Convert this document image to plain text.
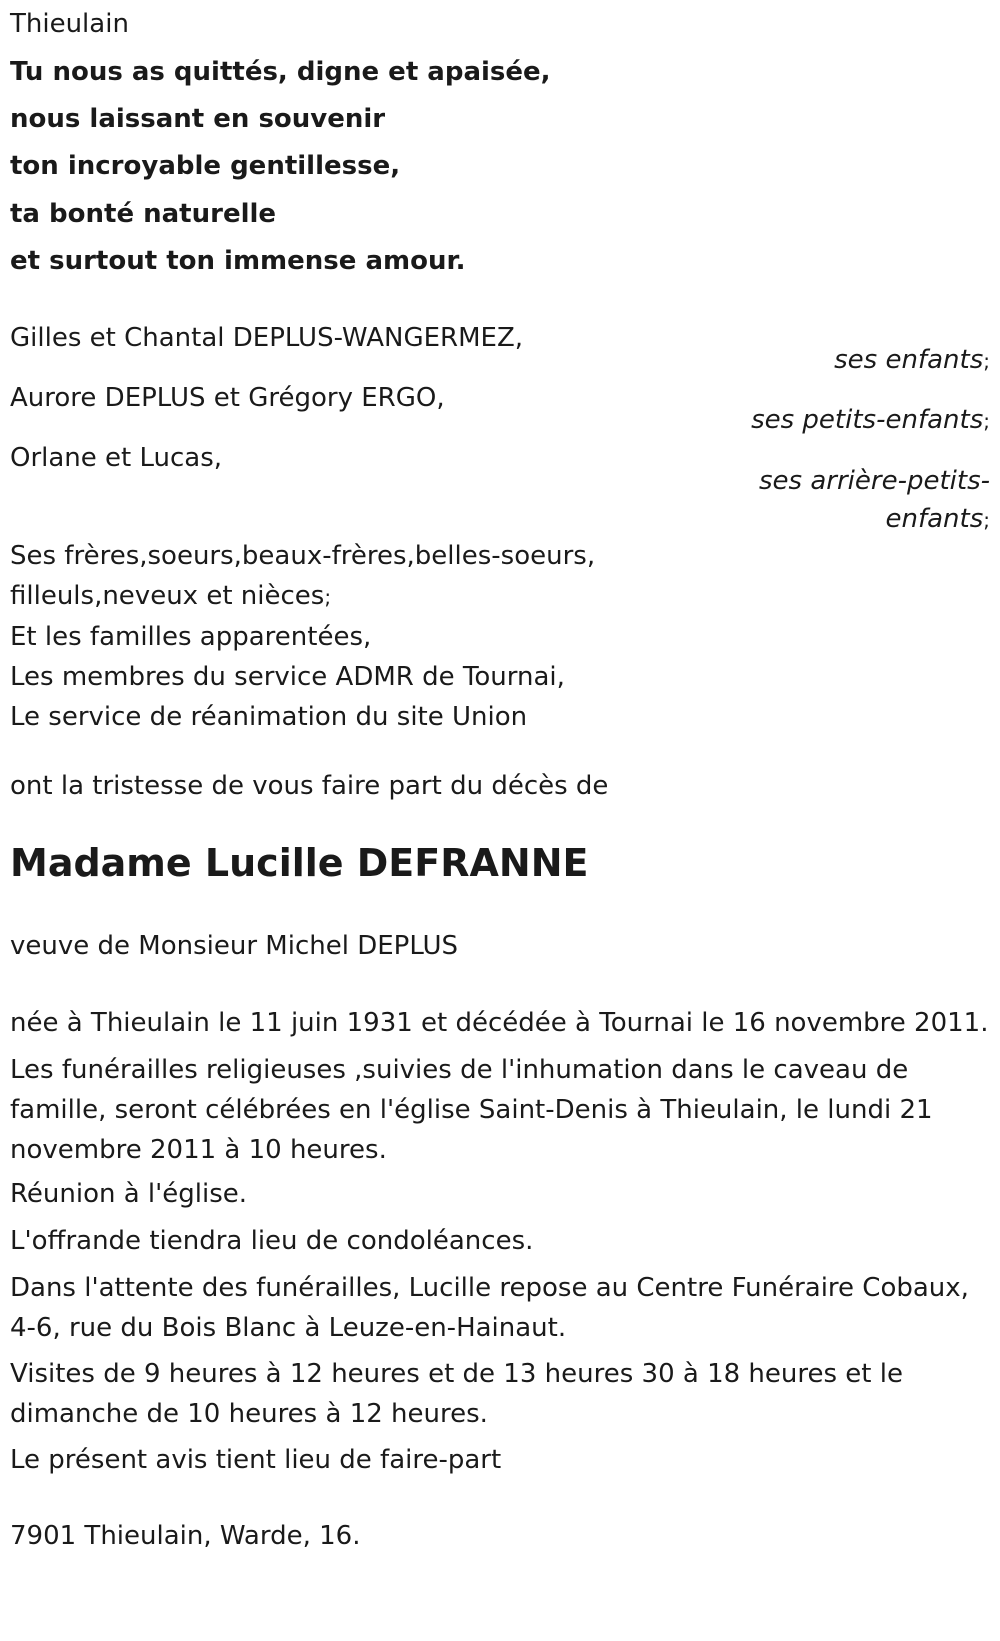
Thieulain
Tu nous as quittés, digne et apaisée,
nous laissant en souvenir
ton incroyable gentillesse,
ta bonté naturelle
et surtout ton immense amour.
Gilles et Chantal DEPLUS-WANGERMEZ,
ses enfants;
Aurore DEPLUS et Grégory ERGO,
ses petits-enfants;
Orlane et Lucas,
ses arrière-petits-
enfants;
Ses frères,soeurs,beaux-frères,belles-soeurs,
filleuls,neveux et nièces;
Et les familles apparentées,
Les membres du service ADMR de Tournai,
Le service de réanimation du site Union
ont la tristesse de vous faire part du décès de
Madame Lucille DEFRANNE
veuve de Monsieur Michel DEPLUS
née à Thieulain le 11 juin 1931 et décédée à Tournai le 16 novembre 2011.
Les funérailles religieuses ,suivies de l'inhumation dans le caveau de famille, seront célébrées en l'église Saint-Denis à Thieulain, le lundi 21 novembre 2011 à 10 heures.
Réunion à l'église.
L'offrande tiendra lieu de condoléances.
Dans l'attente des funérailles, Lucille repose au Centre Funéraire Cobaux, 4-6, rue du Bois Blanc à Leuze-en-Hainaut.
Visites de 9 heures à 12 heures et de 13 heures 30 à 18 heures et le dimanche de 10 heures à 12 heures.
Le présent avis tient lieu de faire-part
7901 Thieulain, Warde, 16.
